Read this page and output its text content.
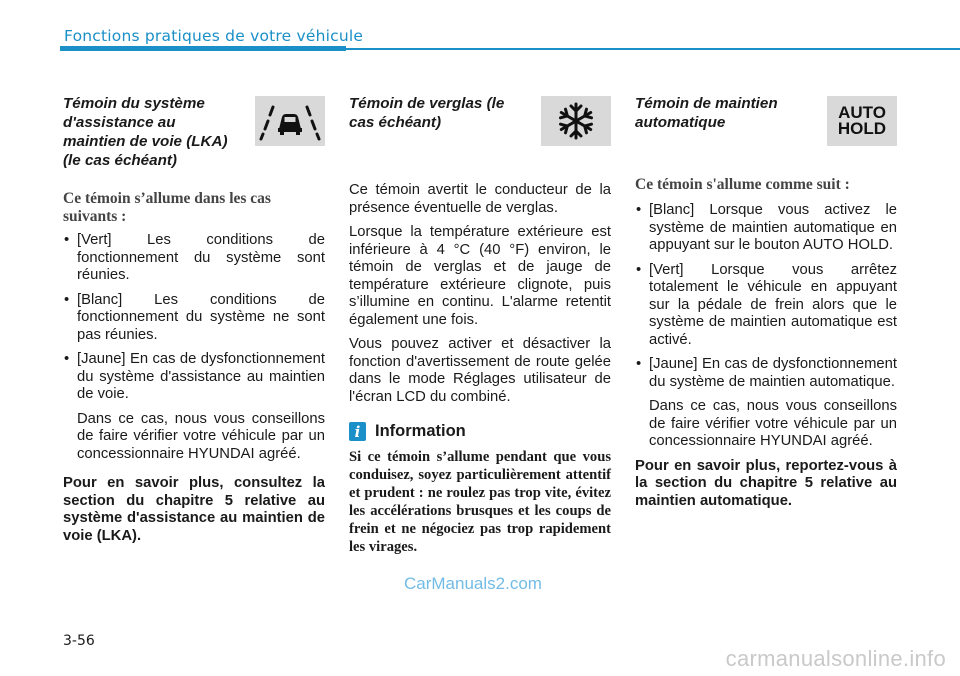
Fonctions pratiques de votre véhicule

Témoin du système d'assistance au maintien de voie (LKA) (le cas échéant)

Ce témoin s’allume dans les cas suivants :

• [Vert] Les conditions de fonctionnement du système sont réunies.
• [Blanc] Les conditions de fonctionnement du système ne sont pas réunies.
• [Jaune] En cas de dysfonctionnement du système d'assistance au maintien de voie.

Dans ce cas, nous vous conseillons de faire vérifier votre véhicule par un concessionnaire HYUNDAI agréé.

Pour en savoir plus, consultez la section du chapitre 5 relative au système d'assistance au maintien de voie (LKA).

Témoin de verglas (le cas échéant)

Ce témoin avertit le conducteur de la présence éventuelle de verglas.

Lorsque la température extérieure est inférieure à 4 °C (40 °F) environ, le témoin de verglas et de jauge de température extérieure clignote, puis s’illumine en continu. L'alarme retentit également une fois.

Vous pouvez activer et désactiver la fonction d'avertissement de route gelée dans le mode Réglages utilisateur de l'écran LCD du combiné.

i Information

Si ce témoin s’allume pendant que vous conduisez, soyez particulièrement attentif et prudent : ne roulez pas trop vite, évitez les accélérations brusques et les coups de frein et ne négociez pas trop rapidement les virages.

Témoin de maintien automatique

AUTO
HOLD

Ce témoin s'allume comme suit :

• [Blanc] Lorsque vous activez le système de maintien automatique en appuyant sur le bouton AUTO HOLD.
• [Vert] Lorsque vous arrêtez totalement le véhicule en appuyant sur la pédale de frein alors que le système de maintien automatique est activé.
• [Jaune] En cas de dysfonctionnement du système de maintien automatique.

Dans ce cas, nous vous conseillons de faire vérifier votre véhicule par un concessionnaire HYUNDAI agréé.

Pour en savoir plus, reportez-vous à la section du chapitre 5 relative au maintien automatique.

CarManuals2.com
3-56
carmanualsonline.info
